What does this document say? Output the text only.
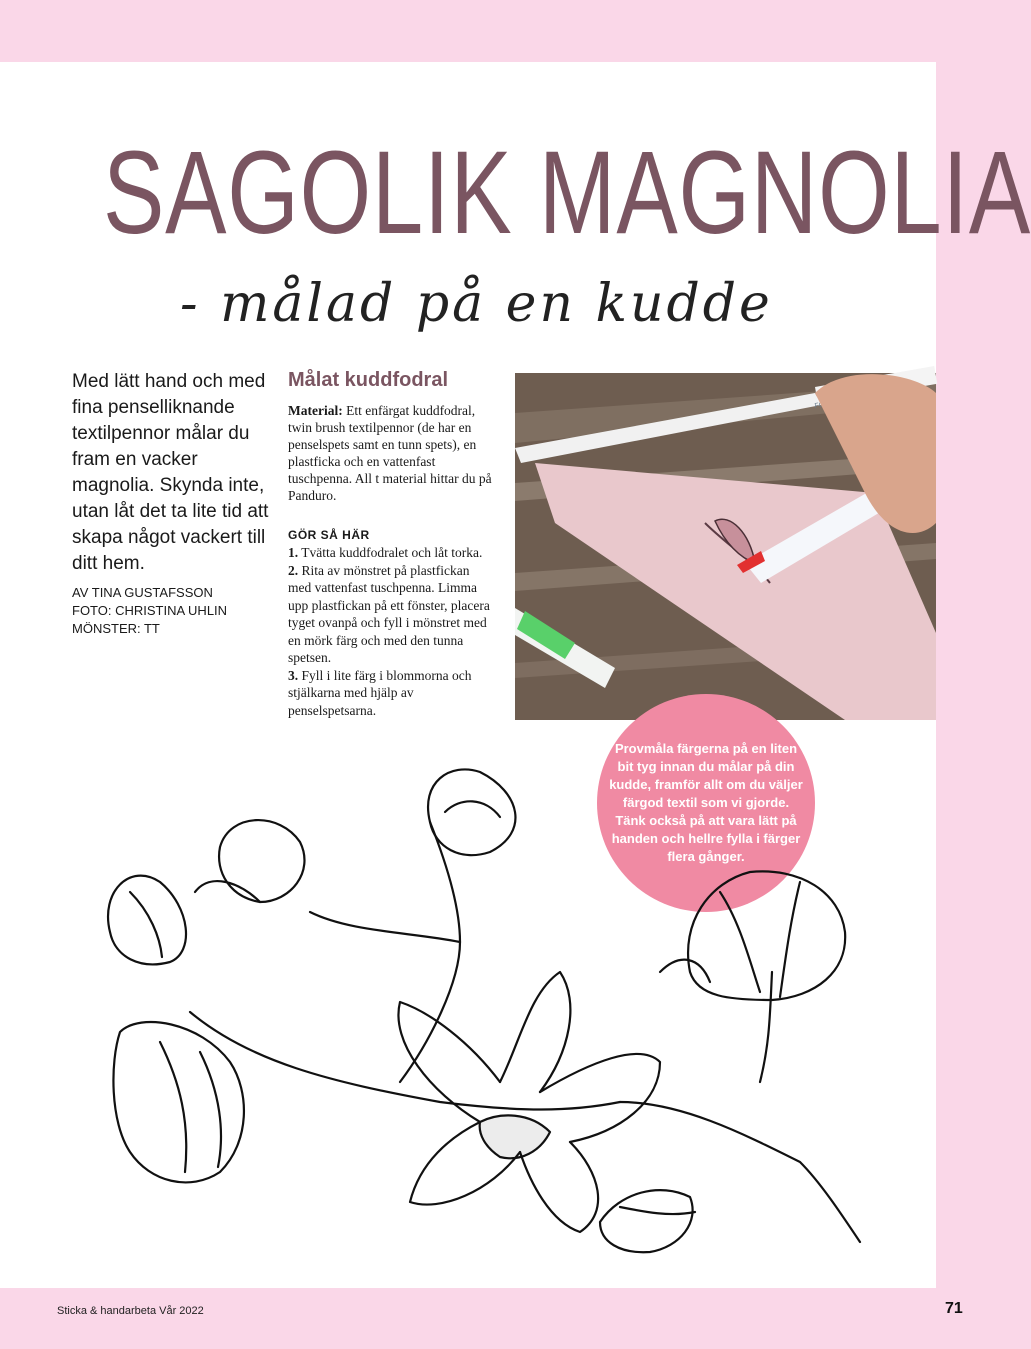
SAGOLIK MAGNOLIA
- målad på en kudde
Med lätt hand och med fina penselliknande textilpennor målar du fram en vacker magnolia. Skynda inte, utan låt det ta lite tid att skapa något vackert till ditt hem.
AV TINA GUSTAFSSON
FOTO: CHRISTINA UHLIN
MÖNSTER: TT
Målat kuddfodral
Material: Ett enfärgat kuddfodral, twin brush textilpennor (de har en penselspets samt en tunn spets), en plastficka och en vattenfast tuschpenna. All t material hittar du på Panduro.
GÖR SÅ HÄR

1. Tvätta kuddfodralet och låt torka.

2. Rita av mönstret på plastfickan med vattenfast tuschpenna. Limma upp plastfickan på ett fönster, placera tyget ovanpå och fyll i mönstret med en mörk färg och med den tunna spetsen.

3. Fyll i lite färg i blommorna och stjälkarna med hjälp av penselspetsarna.

Provmåla färgerna på en liten bit tyg innan du målar på din kudde, framför allt om du väljer färgod textil som vi gjorde. Tänk också på att vara lätt på handen och hellre fylla i färger flera gånger.
Sticka & handarbeta Vår 2022	71
